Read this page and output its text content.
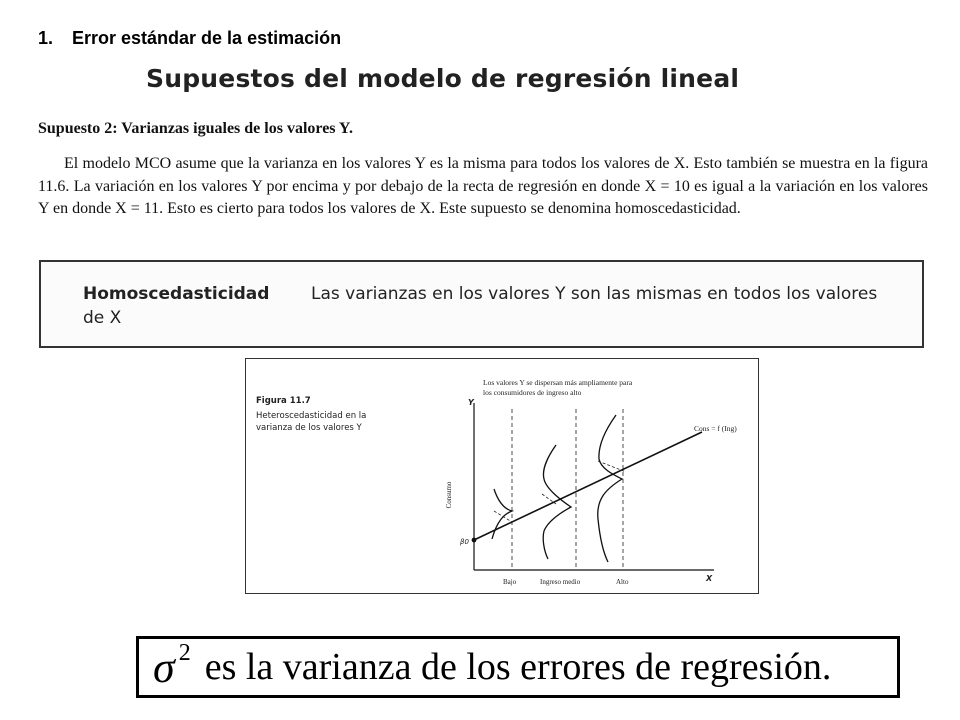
1. Error estándar de la estimación
Supuestos del modelo de regresión lineal
Supuesto 2: Varianzas iguales de los valores Y.

El modelo MCO asume que la varianza en los valores Y es la misma para todos los valores de X. Esto también se muestra en la figura 11.6. La variación en los valores Y por encima y por debajo de la recta de regresión en donde X = 10 es igual a la variación en los valores Y en donde X = 11. Esto es cierto para todos los valores de X. Este supuesto se denomina homoscedasticidad.

Homoscedasticidad Las varianzas en los valores Y son las mismas en todos los valores de X
Figura 11.7
Heteroscedasticidad en la varianza de los valores Y
Los valores Y se dispersan más ampliamente para
los consumidores de ingreso alto
Y
Consumo
X
β0
Cons = f (Ing)
Bajo	Ingreso medio	Alto
σ 2 es la varianza de los errores de regresión.
